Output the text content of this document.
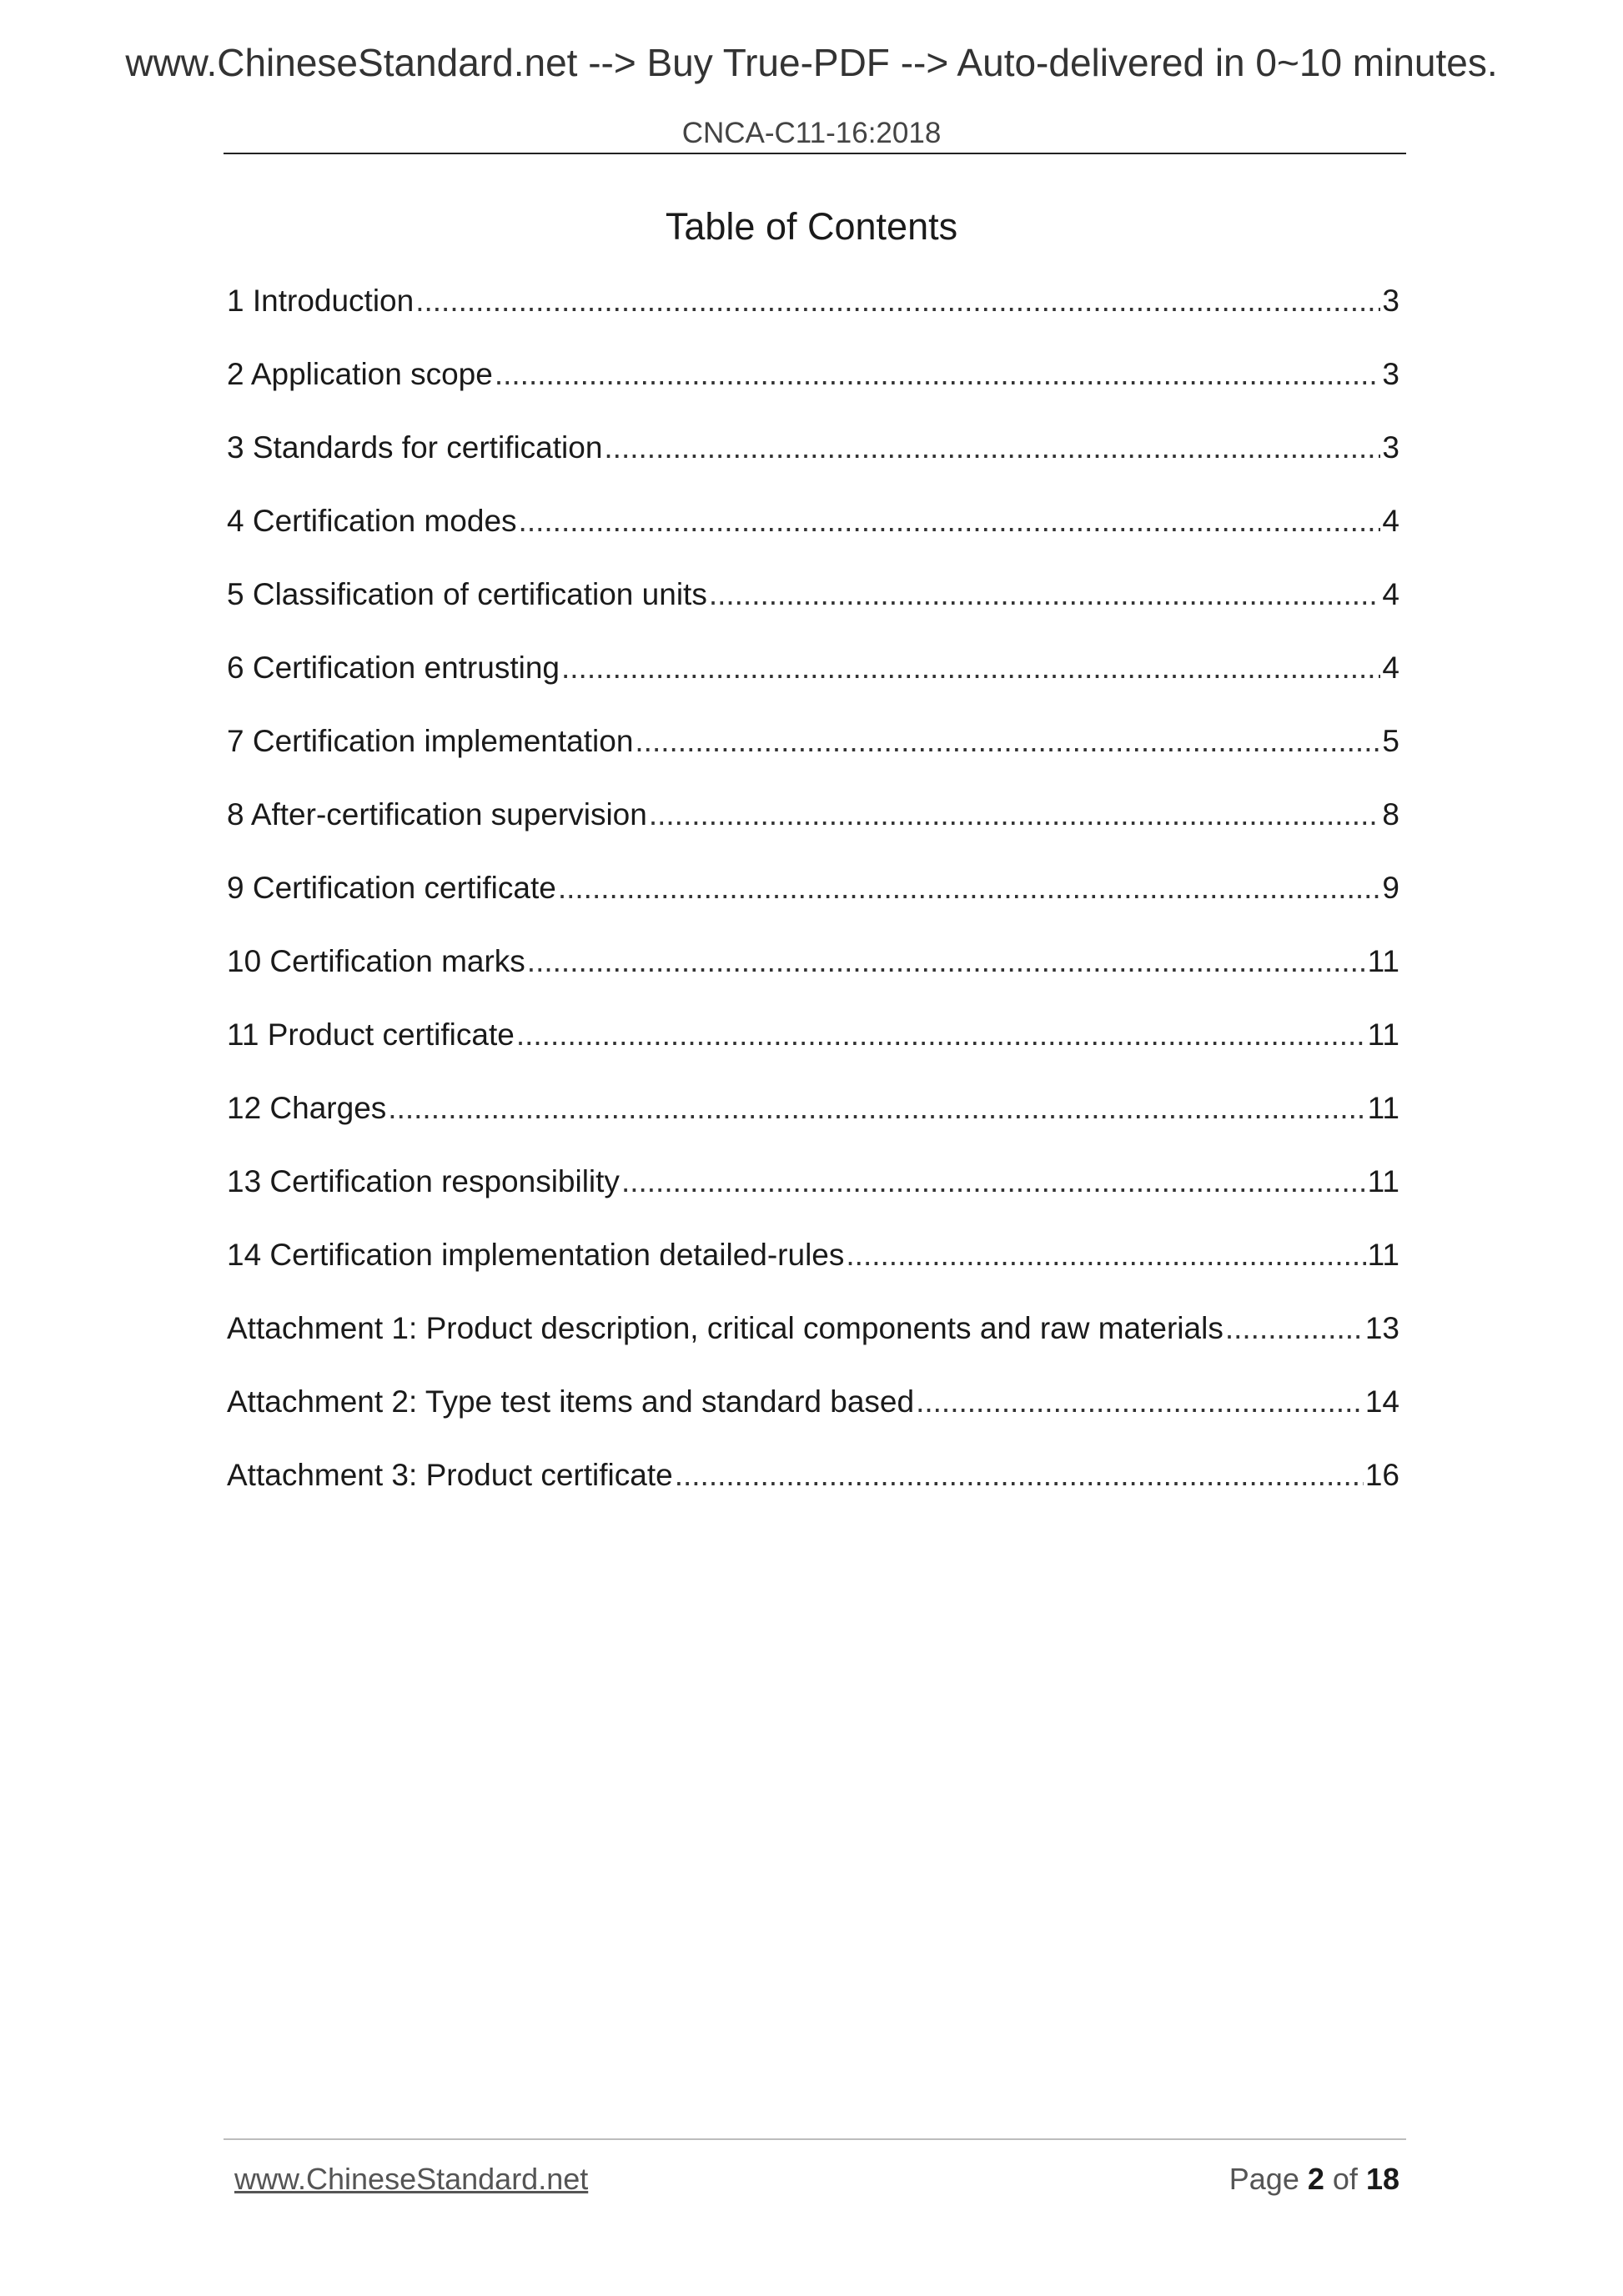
www.ChineseStandard.net --> Buy True-PDF --> Auto-delivered in 0~10 minutes.
CNCA-C11-16:2018
Table of Contents
1 Introduction .....	3
2 Application scope .....	3
3 Standards for certification .....	3
4 Certification modes .....	4
5 Classification of certification units .....	4
6 Certification entrusting .....	4
7 Certification implementation .....	5
8 After-certification supervision .....	8
9 Certification certificate .....	9
10 Certification marks .....	11
11 Product certificate .....	11
12 Charges .....	11
13 Certification responsibility .....	11
14 Certification implementation detailed-rules .....	11
Attachment 1: Product description, critical components and raw materials .....	13
Attachment 2: Type test items and standard based .....	14
Attachment 3: Product certificate .....	16
www.ChineseStandard.net	Page 2 of 18
